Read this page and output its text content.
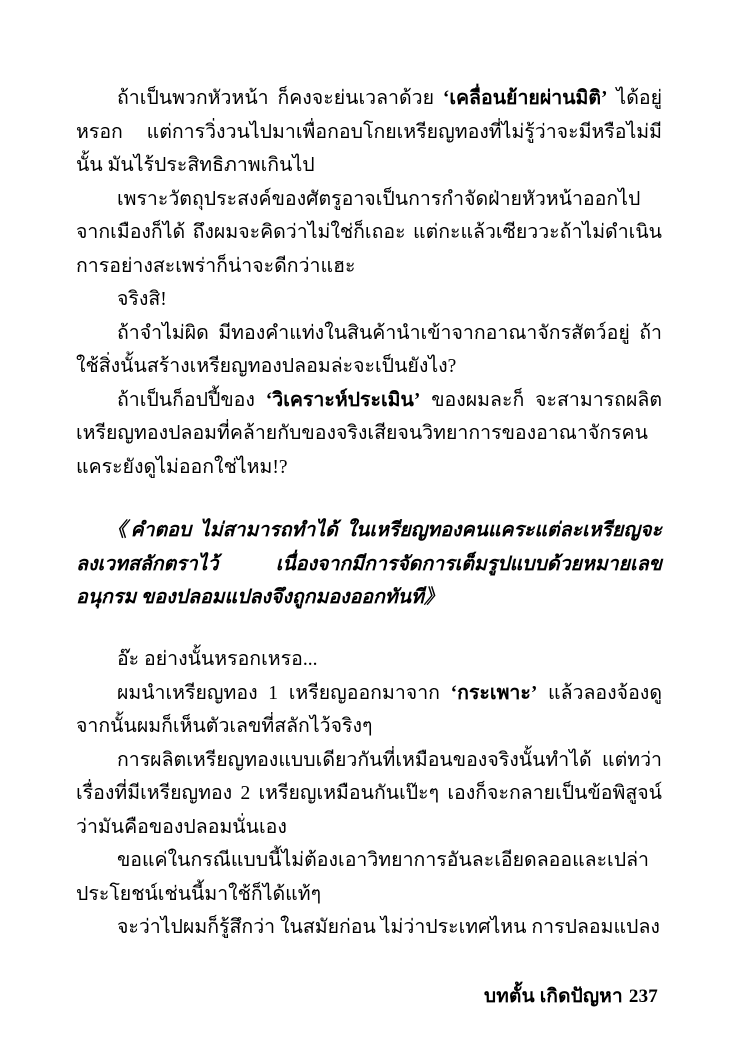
ถ้าเป็นพวกหัวหน้า ก็คงจะย่นเวลาด้วย ‘เคลื่อนย้ายผ่านมิติ’ ได้อยู่หรอก แต่การวิ่งวนไปมาเพื่อกอบโกยเหรียญทองที่ไม่รู้ว่าจะมีหรือไม่มีนั้น มันไร้ประสิทธิภาพเกินไป

เพราะวัตถุประสงค์ของศัตรูอาจเป็นการกำจัดฝ่ายหัวหน้าออกไปจากเมืองก็ได้ ถึงผมจะคิดว่าไม่ใช่ก็เถอะ แต่กะแล้วเซียววะถ้าไม่ดำเนินการอย่างสะเพร่าก็น่าจะดีกว่าแฮะ

จริงสิ!

ถ้าจำไม่ผิด มีทองคำแท่งในสินค้านำเข้าจากอาณาจักรสัตว์อยู่ ถ้าใช้สิ่งนั้นสร้างเหรียญทองปลอมล่ะจะเป็นยังไง?

ถ้าเป็นก็อปปี้ของ ‘วิเคราะห์ประเมิน’ ของผมละก็ จะสามารถผลิตเหรียญทองปลอมที่คล้ายกับของจริงเสียจนวิทยาการของอาณาจักรคนแคระยังดูไม่ออกใช่ไหม!?

《คำตอบ ไม่สามารถทำได้ ในเหรียญทองคนแคระแต่ละเหรียญจะลงเวทสลักตราไว้ เนื่องจากมีการจัดการเต็มรูปแบบด้วยหมายเลขอนุกรม ของปลอมแปลงจึงถูกมองออกทันที》

อ๊ะ อย่างนั้นหรอกเหรอ...

ผมนำเหรียญทอง 1 เหรียญออกมาจาก ‘กระเพาะ’ แล้วลองจ้องดู จากนั้นผมก็เห็นตัวเลขที่สลักไว้จริงๆ

การผลิตเหรียญทองแบบเดียวกันที่เหมือนของจริงนั้นทำได้ แต่ทว่า เรื่องที่มีเหรียญทอง 2 เหรียญเหมือนกันเป๊ะๆ เองก็จะกลายเป็นข้อพิสูจน์ว่ามันคือของปลอมนั่นเอง

ขอแค่ในกรณีแบบนี้ไม่ต้องเอาวิทยาการอันละเอียดลออและเปล่าประโยชน์เช่นนี้มาใช้ก็ได้แท้ๆ

จะว่าไปผมก็รู้สึกว่า ในสมัยก่อน ไม่ว่าประเทศไหน การปลอมแปลง

บทตั้น เกิดปัญหา 237
